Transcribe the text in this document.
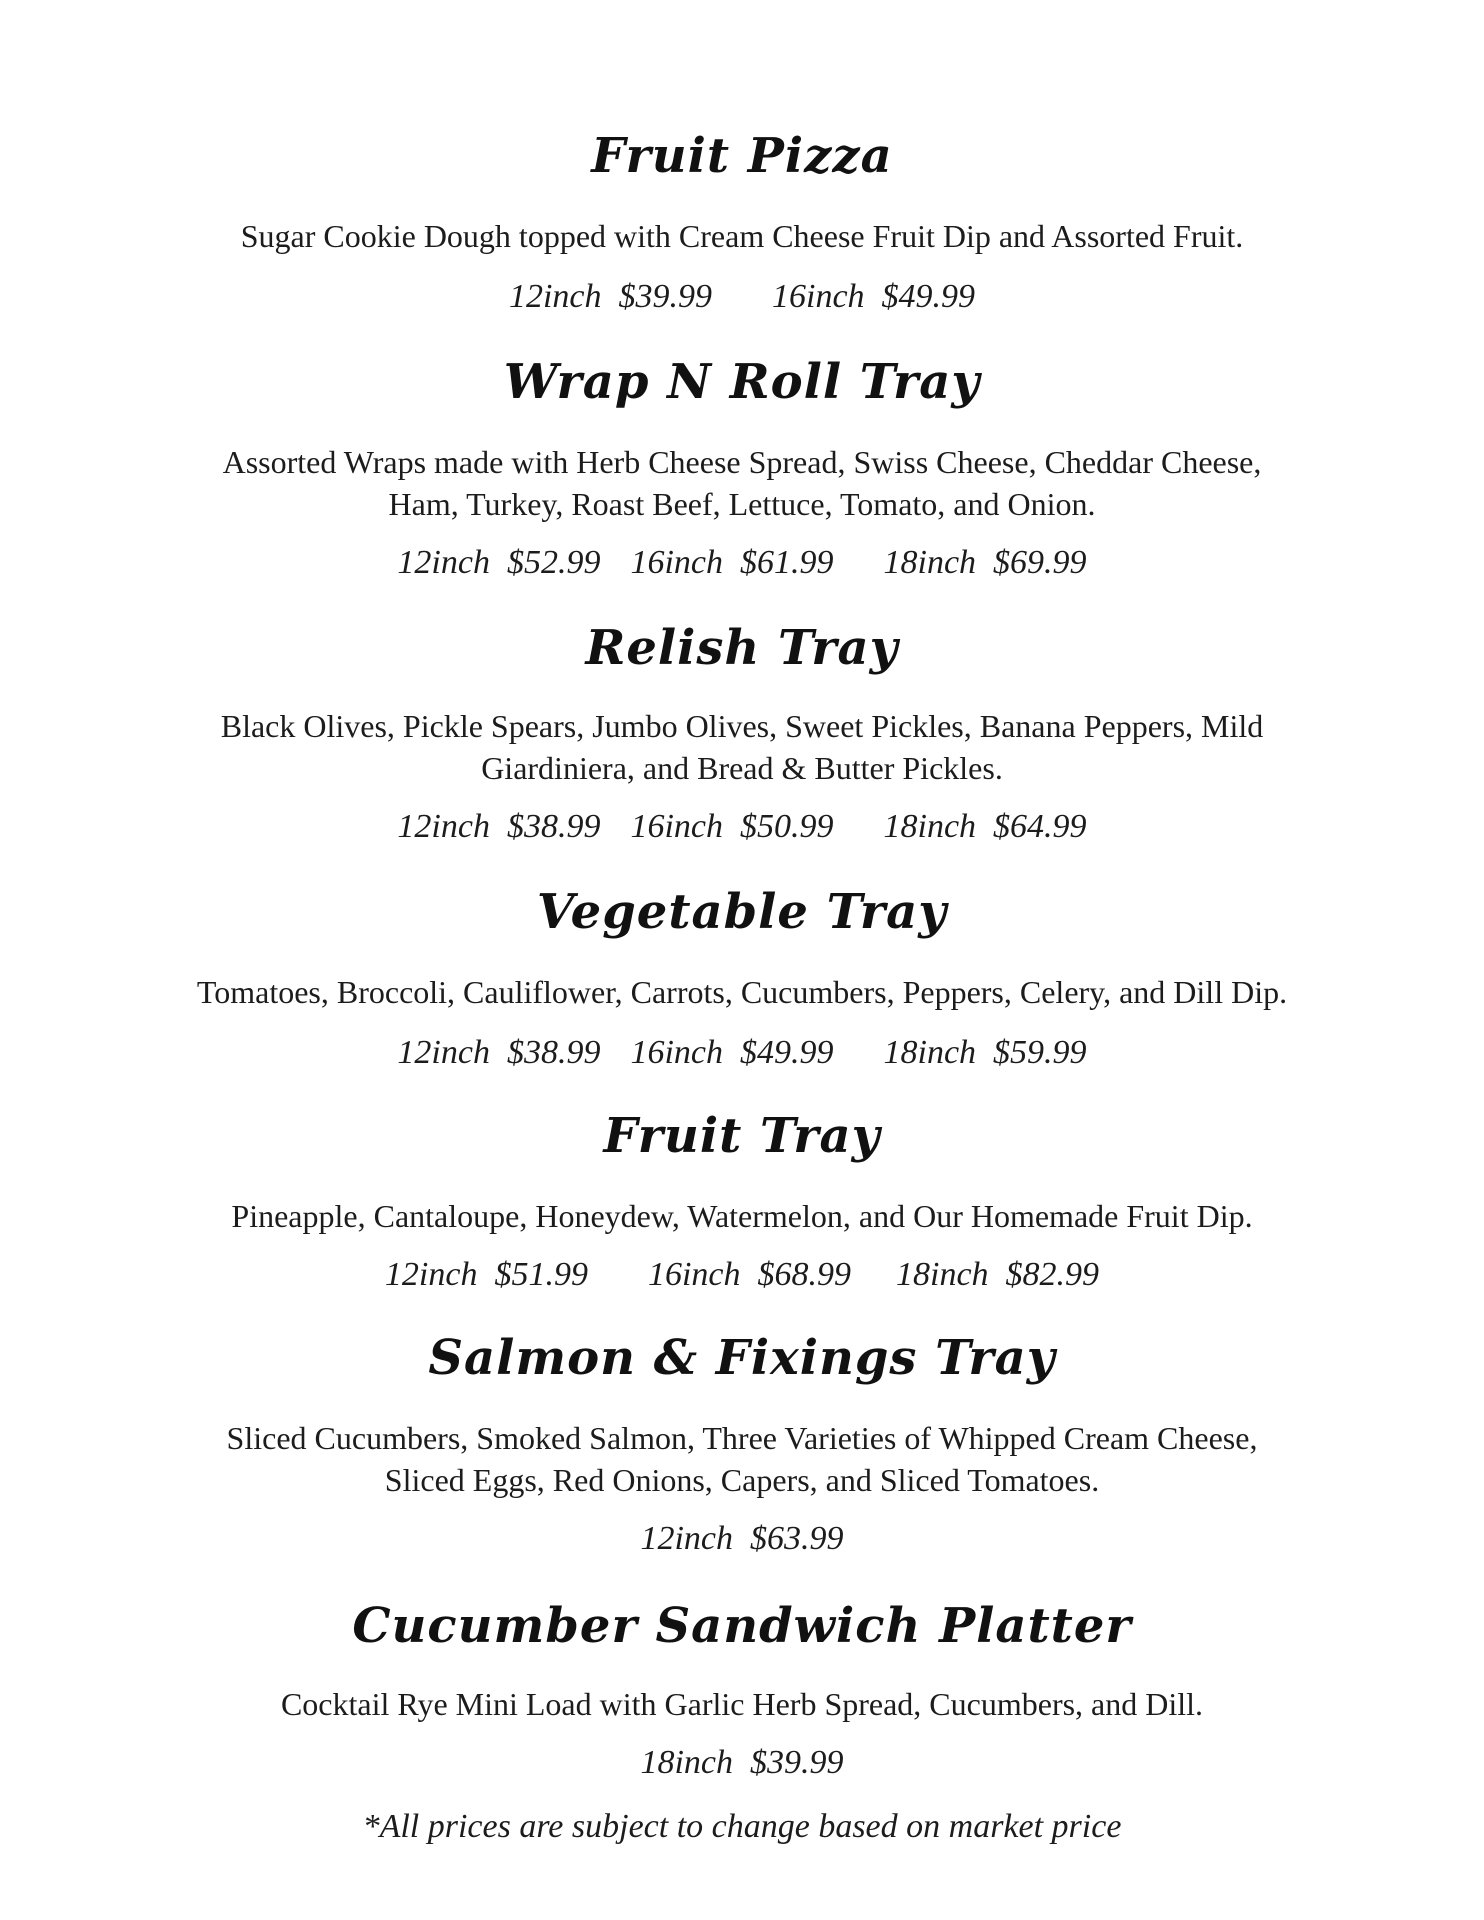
Fruit Pizza
Sugar Cookie Dough topped with Cream Cheese Fruit Dip and Assorted Fruit.
12inch  $39.99 16inch  $49.99
Wrap N Roll Tray
Assorted Wraps made with Herb Cheese Spread, Swiss Cheese, Cheddar Cheese,
Ham, Turkey, Roast Beef, Lettuce, Tomato, and Onion.
12inch  $52.99 16inch  $61.99 18inch  $69.99
Relish Tray
Black Olives, Pickle Spears, Jumbo Olives, Sweet Pickles, Banana Peppers, Mild
Giardiniera, and Bread & Butter Pickles.
12inch  $38.99 16inch  $50.99 18inch  $64.99
Vegetable Tray
Tomatoes, Broccoli, Cauliflower, Carrots, Cucumbers, Peppers, Celery, and Dill Dip.
12inch  $38.99 16inch  $49.99 18inch  $59.99
Fruit Tray
Pineapple, Cantaloupe, Honeydew, Watermelon, and Our Homemade Fruit Dip.
12inch  $51.99 16inch  $68.99 18inch  $82.99
Salmon & Fixings Tray
Sliced Cucumbers, Smoked Salmon, Three Varieties of Whipped Cream Cheese,
Sliced Eggs, Red Onions, Capers, and Sliced Tomatoes.
12inch  $63.99
Cucumber Sandwich Platter
Cocktail Rye Mini Load with Garlic Herb Spread, Cucumbers, and Dill.
18inch  $39.99
*All prices are subject to change based on market price
